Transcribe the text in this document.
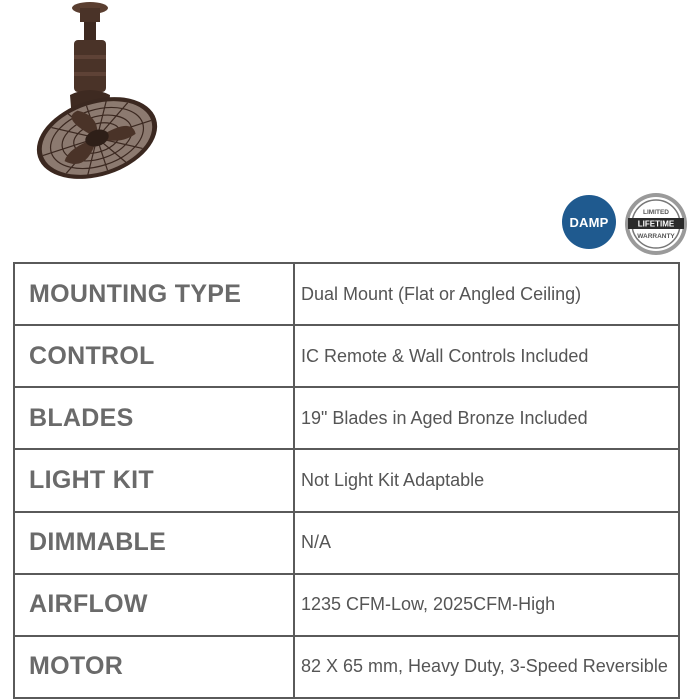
DAMP
LIMITED
LIFETIME
WARRANTY
MOUNTING TYPE	Dual Mount (Flat or Angled Ceiling)
CONTROL	IC Remote & Wall Controls Included
BLADES	19" Blades in Aged Bronze Included
LIGHT KIT	Not Light Kit Adaptable
DIMMABLE	N/A
AIRFLOW	1235 CFM-Low, 2025CFM-High
MOTOR	82 X 65 mm, Heavy Duty, 3-Speed Reversible
